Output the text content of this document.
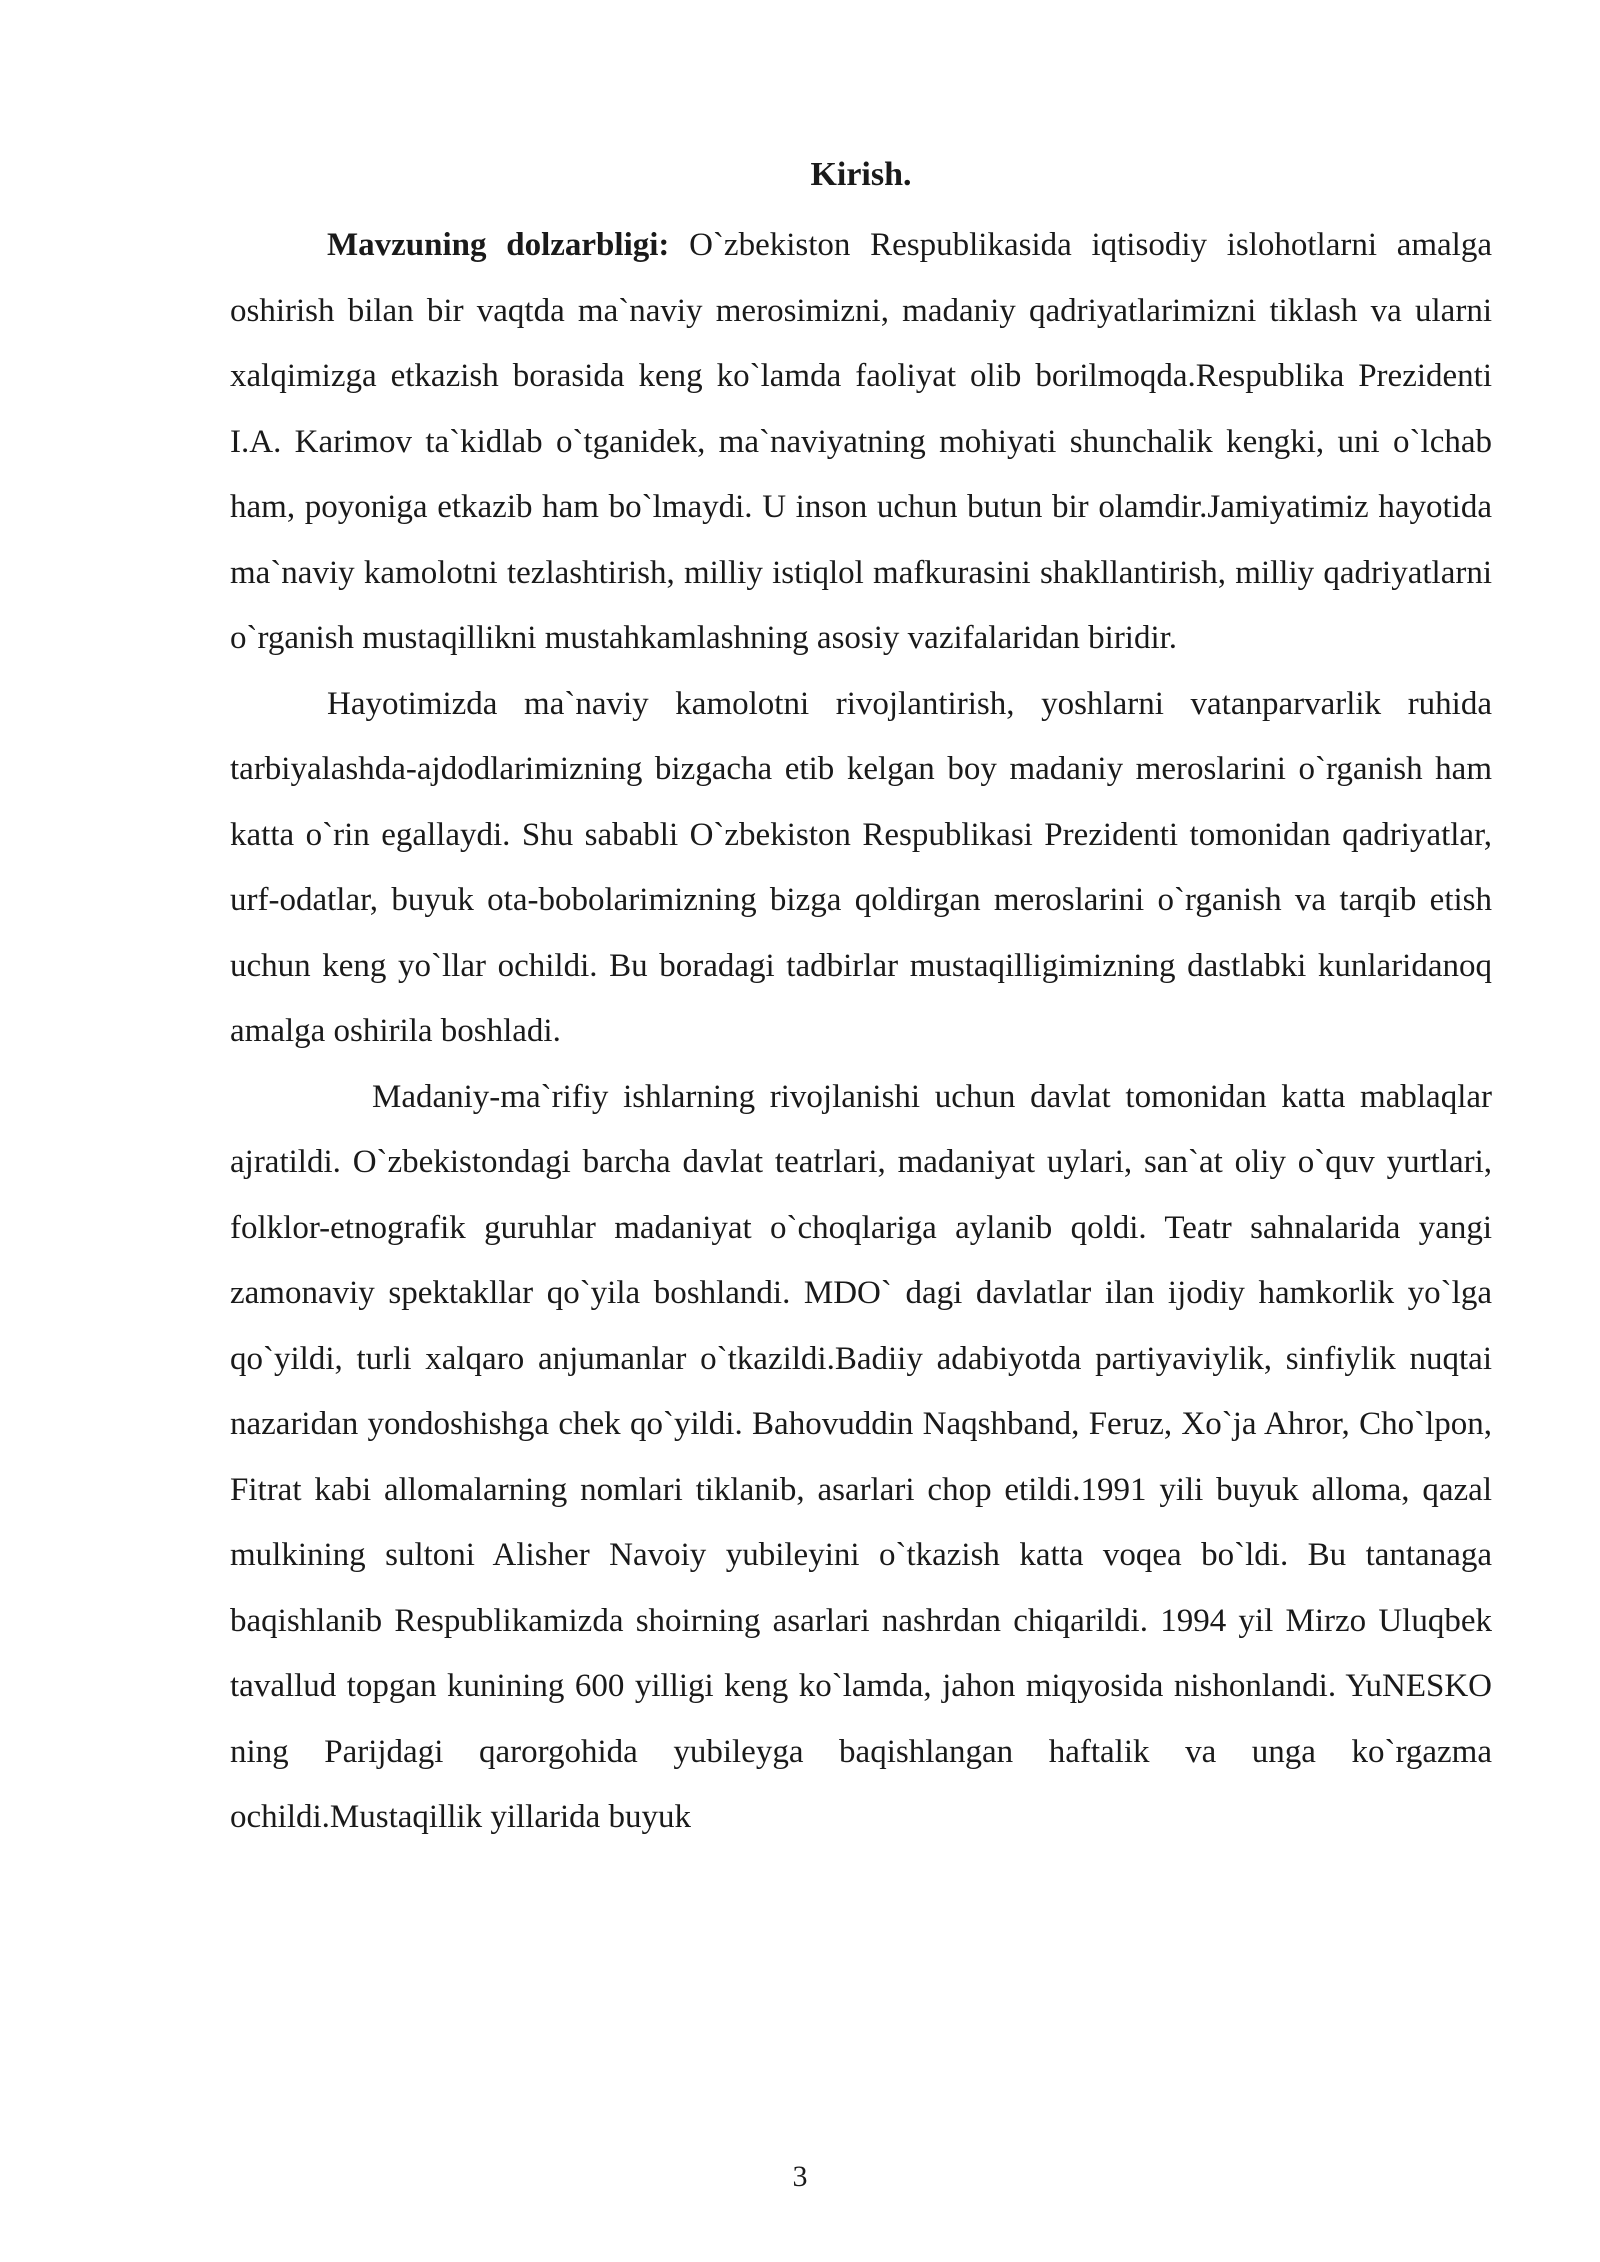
Kirish.

Mavzuning dolzarbligi: O`zbekiston Respublikasida iqtisodiy islohotlarni amalga oshirish bilan bir vaqtda ma`naviy merosimizni, madaniy qadriyatlarimizni tiklash va ularni xalqimizga etkazish borasida keng ko`lamda faoliyat olib borilmoqda.Respublika Prezidenti I.A. Karimov ta`kidlab o`tganidek, ma`naviyatning mohiyati shunchalik kengki, uni o`lchab ham, poyoniga etkazib ham bo`lmaydi. U inson uchun butun bir olamdir.Jamiyatimiz hayotida ma`naviy kamolotni tezlashtirish, milliy istiqlol mafkurasini shakllantirish, milliy qadriyatlarni o`rganish mustaqillikni mustahkamlashning asosiy vazifalaridan biridir.

Hayotimizda ma`naviy kamolotni rivojlantirish, yoshlarni vatanparvarlik ruhida tarbiyalashda-ajdodlarimizning bizgacha etib kelgan boy madaniy meroslarini o`rganish ham katta o`rin egallaydi. Shu sababli O`zbekiston Respublikasi Prezidenti tomonidan qadriyatlar, urf-odatlar, buyuk ota-bobolarimizning bizga qoldirgan meroslarini o`rganish va tarqib etish uchun keng yo`llar ochildi. Bu boradagi tadbirlar mustaqilligimizning dastlabki kunlaridanoq amalga oshirila boshladi.

Madaniy-ma`rifiy ishlarning rivojlanishi uchun davlat tomonidan katta mablaqlar ajratildi. O`zbekistondagi barcha davlat teatrlari, madaniyat uylari, san`at oliy o`quv yurtlari, folklor-etnografik guruhlar madaniyat o`choqlariga aylanib qoldi. Teatr sahnalarida yangi zamonaviy spektakllar qo`yila boshlandi. MDO` dagi davlatlar ilan ijodiy hamkorlik yo`lga qo`yildi, turli xalqaro anjumanlar o`tkazildi.Badiiy adabiyotda partiyaviylik, sinfiylik nuqtai nazaridan yondoshishga chek qo`yildi. Bahovuddin Naqshband, Feruz, Xo`ja Ahror, Cho`lpon, Fitrat kabi allomalarning nomlari tiklanib, asarlari chop etildi.1991 yili buyuk alloma, qazal mulkining sultoni Alisher Navoiy yubileyini o`tkazish katta voqea bo`ldi. Bu tantanaga baqishlanib Respublikamizda shoirning asarlari nashrdan chiqarildi. 1994 yil Mirzo Uluqbek tavallud topgan kunining 600 yilligi keng ko`lamda, jahon miqyosida nishonlandi. YuNESKO ning Parijdagi qarorgohida yubileyga baqishlangan haftalik va unga ko`rgazma ochildi.Mustaqillik yillarida buyuk

3
